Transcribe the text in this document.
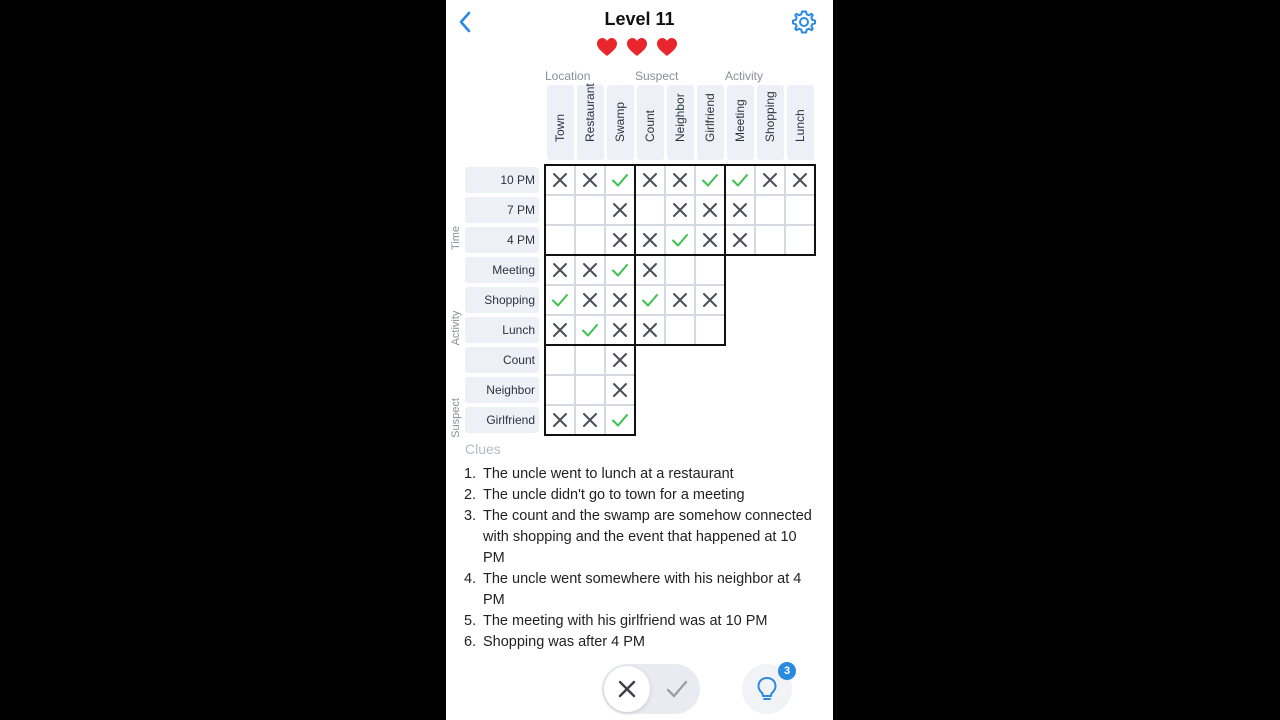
Level 11
Location	Suspect	Activity
Town Restaurant Swamp Count Neighbor Girlfriend Meeting Shopping Lunch
10 PM
7 PM
4 PM
Meeting
Shopping
Lunch
Count
Neighbor
Girlfriend
Time
Activity
Suspect
Clues
1. The uncle went to lunch at a restaurant
2. The uncle didn't go to town for a meeting
3. The count and the swamp are somehow connected with shopping and the event that happened at 10 PM
4. The uncle went somewhere with his neighbor at 4 PM
5. The meeting with his girlfriend was at 10 PM
6. Shopping was after 4 PM
3
